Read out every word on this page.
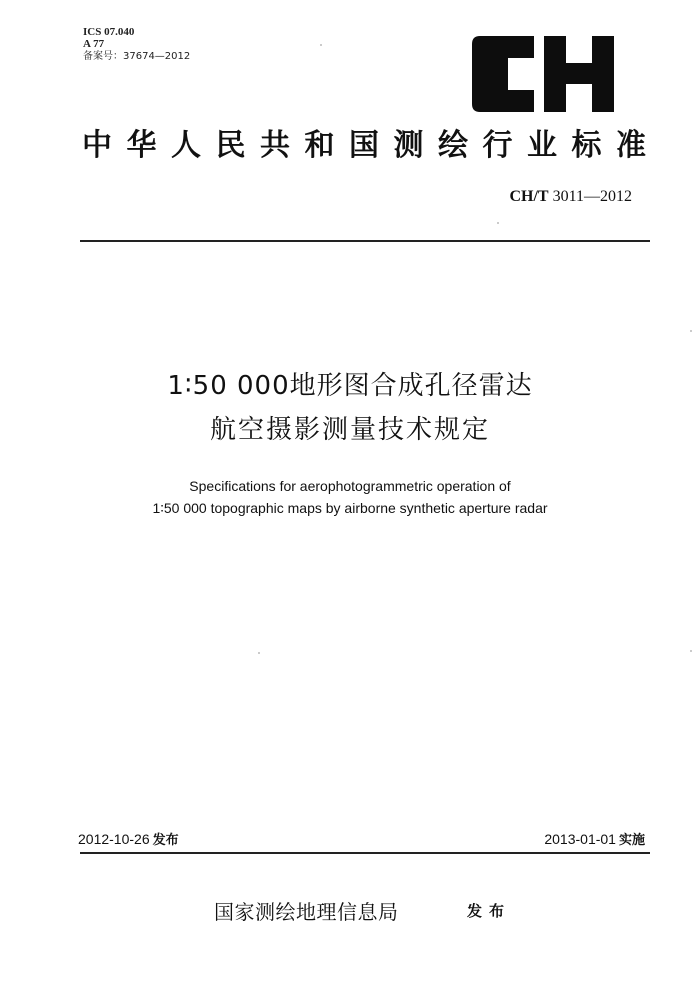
ICS 07.040
A 77
备案号：37674—2012
CH
中华人民共和国测绘行业标准
CH/T 3011—2012
1∶50 000地形图合成孔径雷达
航空摄影测量技术规定
Specifications for aerophotogrammetric operation of
1∶50 000 topographic maps by airborne synthetic aperture radar
2012-10-26 发布	2013-01-01 实施
国家测绘地理信息局	发布
